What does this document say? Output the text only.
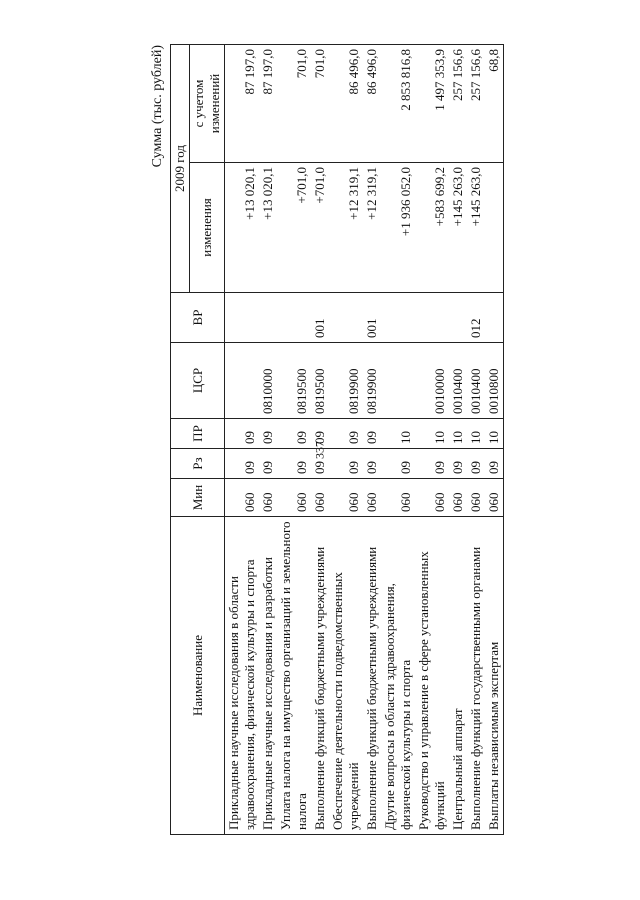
337
Сумма (тыс. рублей)
Наименование	Мин	Рз	ПР	ЦСР	ВР	2009 год	
						изменения	с учетом изменений
Прикладные научные исследования в области здравоохранения, физической культуры и спорта	060	09	09			+13 020,1	87 197,0
Прикладные научные исследования и разработки	060	09	09	0810000		+13 020,1	87 197,0
Уплата налога на имущество организаций и земельного налога	060	09	09	0819500		+701,0	701,0
Выполнение функций бюджетными учреждениями	060	09	09	0819500	001	+701,0	701,0
Обеспечение деятельности подведомственных учреждений	060	09	09	0819900		+12 319,1	86 496,0
Выполнение функций бюджетными учреждениями	060	09	09	0819900	001	+12 319,1	86 496,0
Другие вопросы в области здравоохранения, физической культуры и спорта	060	09	10			+1 936 052,0	2 853 816,8
Руководство и управление в сфере установленных функций	060	09	10	0010000		+583 699,2	1 497 353,9
Центральный аппарат	060	09	10	0010400		+145 263,0	257 156,6
Выполнение функций государственными органами	060	09	10	0010400	012	+145 263,0	257 156,6
Выплаты независимым экспертам	060	09	10	0010800			68,8
